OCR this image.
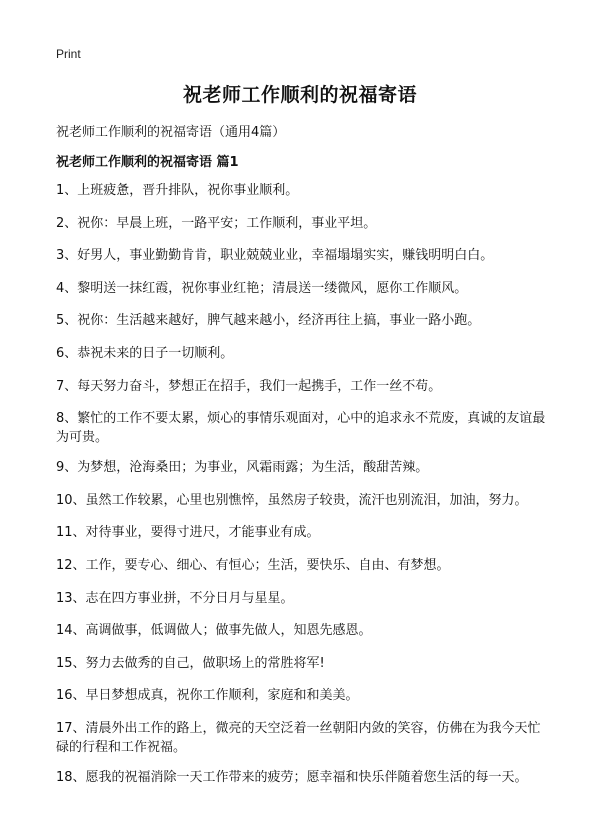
Print
祝老师工作顺利的祝福寄语
祝老师工作顺利的祝福寄语（通用4篇）
祝老师工作顺利的祝福寄语 篇1
1、上班疲惫，晋升排队，祝你事业顺利。
2、祝你：早晨上班，一路平安；工作顺利，事业平坦。
3、好男人，事业勤勤肯肯，职业兢兢业业，幸福塌塌实实，赚钱明明白白。
4、黎明送一抹红霞，祝你事业红艳；清晨送一缕微风，愿你工作顺风。
5、祝你：生活越来越好，脾气越来越小，经济再往上搞，事业一路小跑。
6、恭祝未来的日子一切顺利。
7、每天努力奋斗，梦想正在招手，我们一起携手，工作一丝不苟。
8、繁忙的工作不要太累，烦心的事情乐观面对，心中的追求永不荒废，真诚的友谊最为可贵。
9、为梦想，沧海桑田；为事业，风霜雨露；为生活，酸甜苦辣。
10、虽然工作较累，心里也别憔悴，虽然房子较贵，流汗也别流泪，加油，努力。
11、对待事业，要得寸进尺，才能事业有成。
12、工作，要专心、细心、有恒心；生活，要快乐、自由、有梦想。
13、志在四方事业拼，不分日月与星星。
14、高调做事，低调做人；做事先做人，知恩先感恩。
15、努力去做秀的自己，做职场上的常胜将军!
16、早日梦想成真，祝你工作顺利，家庭和和美美。
17、清晨外出工作的路上，微亮的天空泛着一丝朝阳内敛的笑容，仿佛在为我今天忙碌的行程和工作祝福。
18、愿我的祝福消除一天工作带来的疲劳；愿幸福和快乐伴随着您生活的每一天。
